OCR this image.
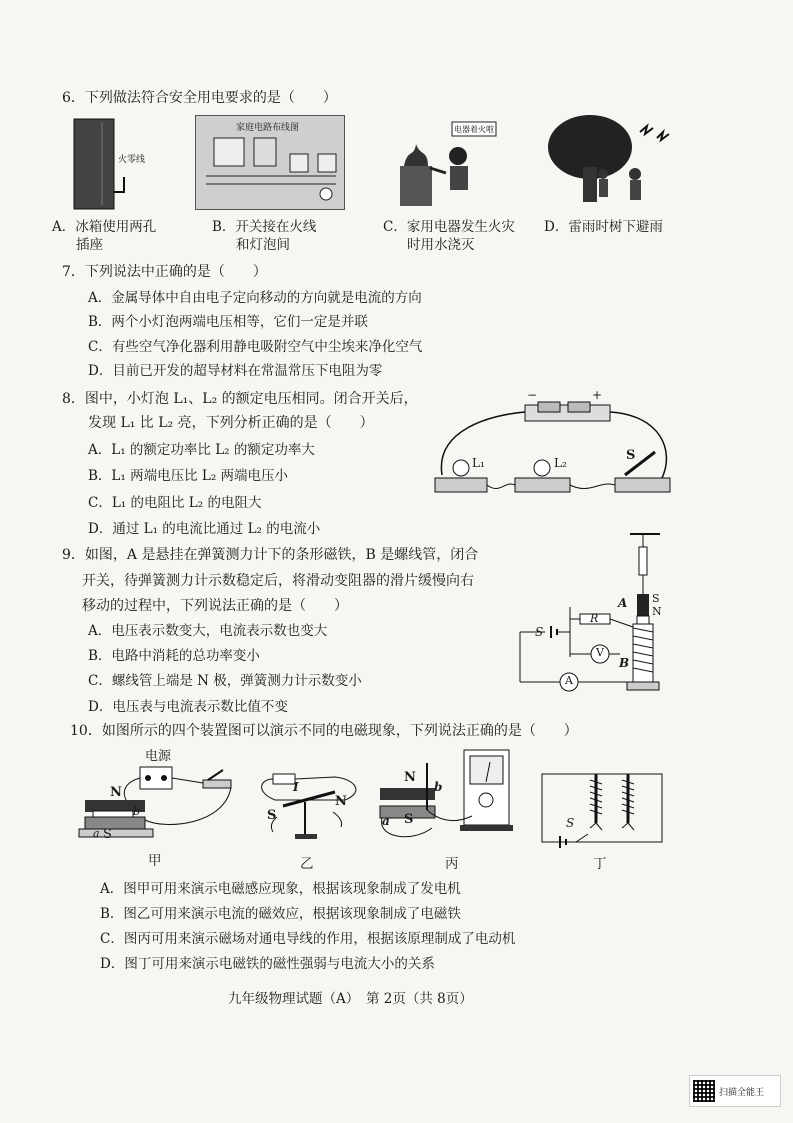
6．下列做法符合安全用电要求的是（　　）
火零线
家庭电路布线图	电器着火啦！
A．冰箱使用两孔
插座
B．开关接在火线
和灯泡间
C．家用电器发生火灾
时用水浇灭
D．雷雨时树下避雨
7．下列说法中正确的是（　　）
A．金属导体中自由电子定向移动的方向就是电流的方向
B．两个小灯泡两端电压相等，它们一定是并联
C．有些空气净化器利用静电吸附空气中尘埃来净化空气
D．目前已开发的超导材料在常温常压下电阻为零
8．图中，小灯泡 L₁、L₂ 的额定电压相同。闭合开关后，
发现 L₁ 比 L₂ 亮，下列分析正确的是（　　）
A．L₁ 的额定功率比 L₂ 的额定功率大
B．L₁ 两端电压比 L₂ 两端电压小
C．L₁ 的电阻比 L₂ 的电阻大
D．通过 L₁ 的电流比通过 L₂ 的电流小
−	+
L₁	L₂	S
9．如图，A 是悬挂在弹簧测力计下的条形磁铁，B 是螺线管，闭合
开关，待弹簧测力计示数稳定后，将滑动变阻器的滑片缓慢向右
移动的过程中，下列说法正确的是（　　）
A．电压表示数变大，电流表示数也变大
B．电路中消耗的总功率变小
C．螺线管上端是 N 极，弹簧测力计示数变小
D．电压表与电流表示数比值不变
A S
N
B
S
R
V
A
10．如图所示的四个装置图可以演示不同的电磁现象，下列说法正确的是（　　）
电源
N
b
a S
甲
I
S
N
乙
N
b
a S
丙
S
丁
A．图甲可用来演示电磁感应现象，根据该现象制成了发电机
B．图乙可用来演示电流的磁效应，根据该现象制成了电磁铁
C．图丙可用来演示磁场对通电导线的作用，根据该原理制成了电动机
D．图丁可用来演示电磁铁的磁性强弱与电流大小的关系
九年级物理试题（A）　第 2页（共 8页）
扫描全能王
